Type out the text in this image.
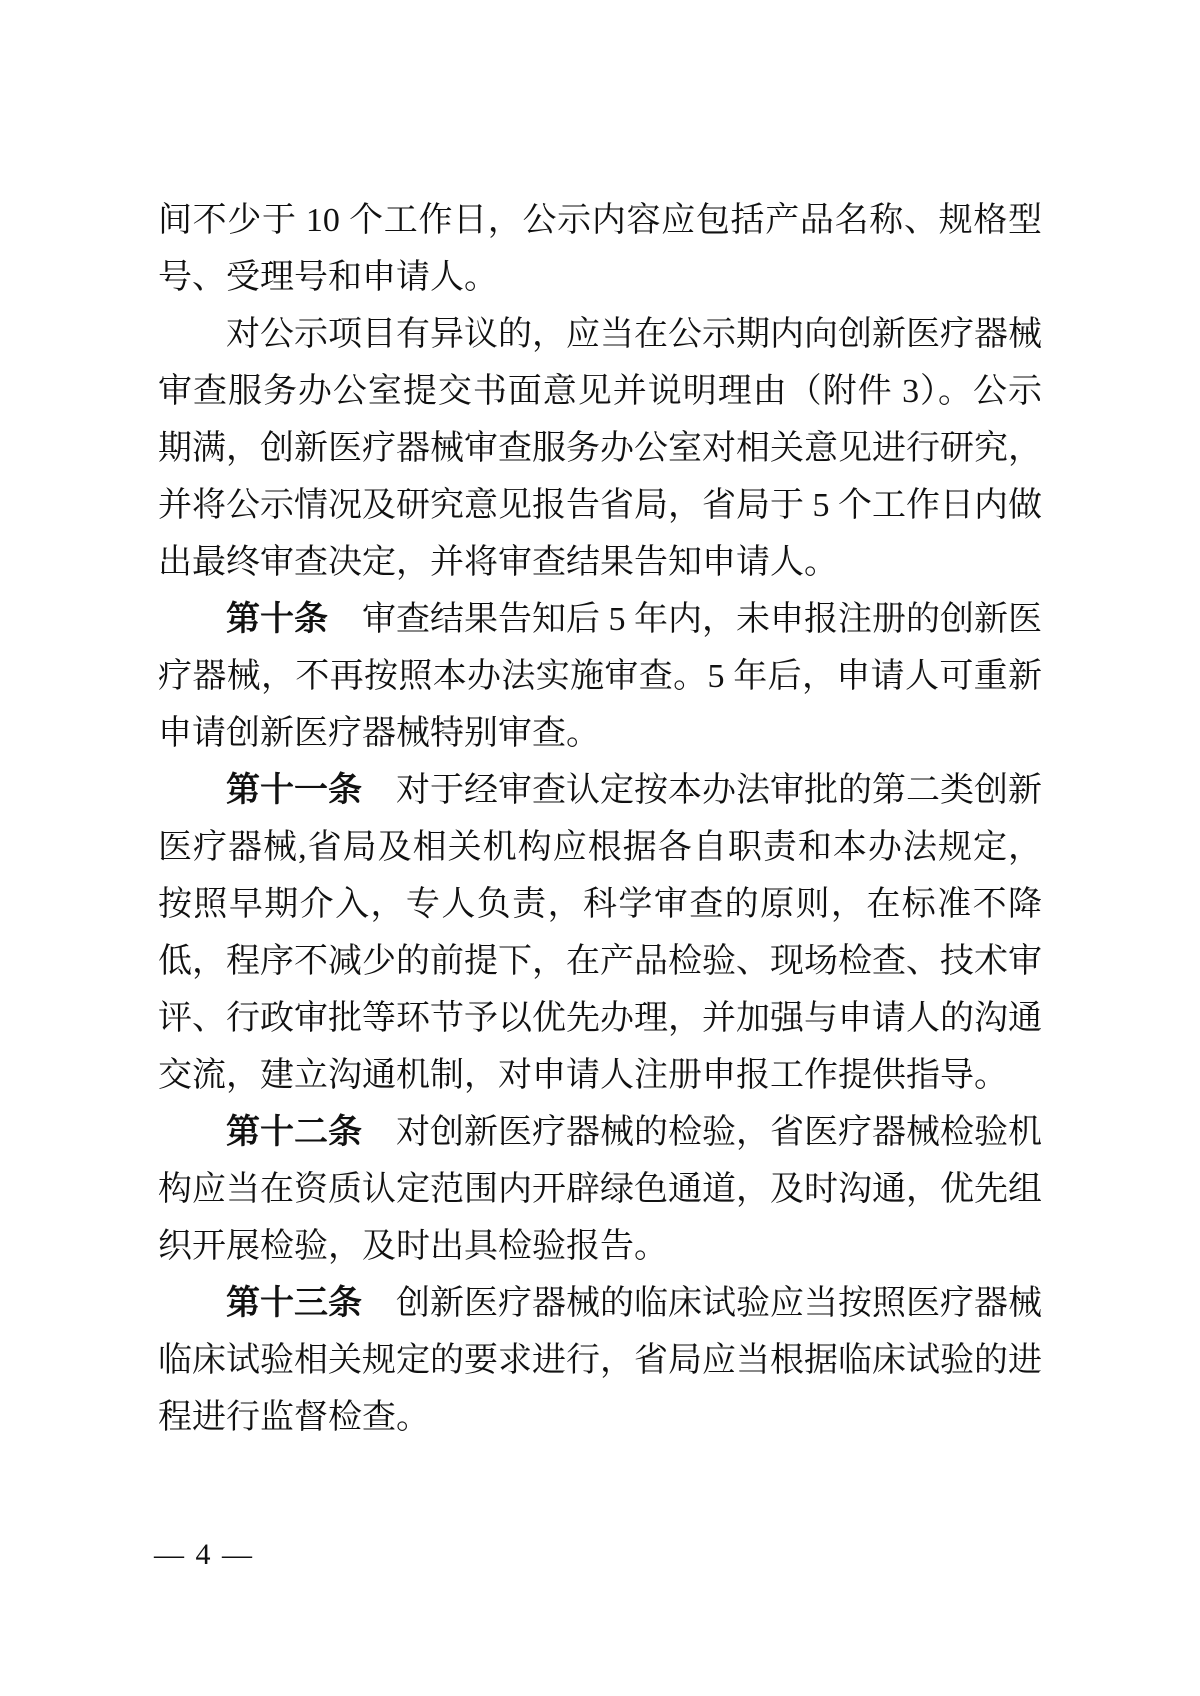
间不少于 10 个工作日，公示内容应包括产品名称、规格型号、受理号和申请人。

对公示项目有异议的，应当在公示期内向创新医疗器械审查服务办公室提交书面意见并说明理由（附件 3）。公示期满，创新医疗器械审查服务办公室对相关意见进行研究，并将公示情况及研究意见报告省局，省局于 5 个工作日内做出最终审查决定，并将审查结果告知申请人。

第十条　 审查结果告知后 5 年内，未申报注册的创新医疗器械，不再按照本办法实施审查。5 年后，申请人可重新申请创新医疗器械特别审查。

第十一条　 对于经审查认定按本办法审批的第二类创新医疗器械,省局及相关机构应根据各自职责和本办法规定，按照早期介入，专人负责，科学审查的原则，在标准不降低，程序不减少的前提下，在产品检验、现场检查、技术审评、行政审批等环节予以优先办理，并加强与申请人的沟通交流，建立沟通机制，对申请人注册申报工作提供指导。

第十二条　 对创新医疗器械的检验，省医疗器械检验机构应当在资质认定范围内开辟绿色通道，及时沟通，优先组织开展检验，及时出具检验报告。

第十三条　 创新医疗器械的临床试验应当按照医疗器械临床试验相关规定的要求进行，省局应当根据临床试验的进程进行监督检查。

— 4 —
